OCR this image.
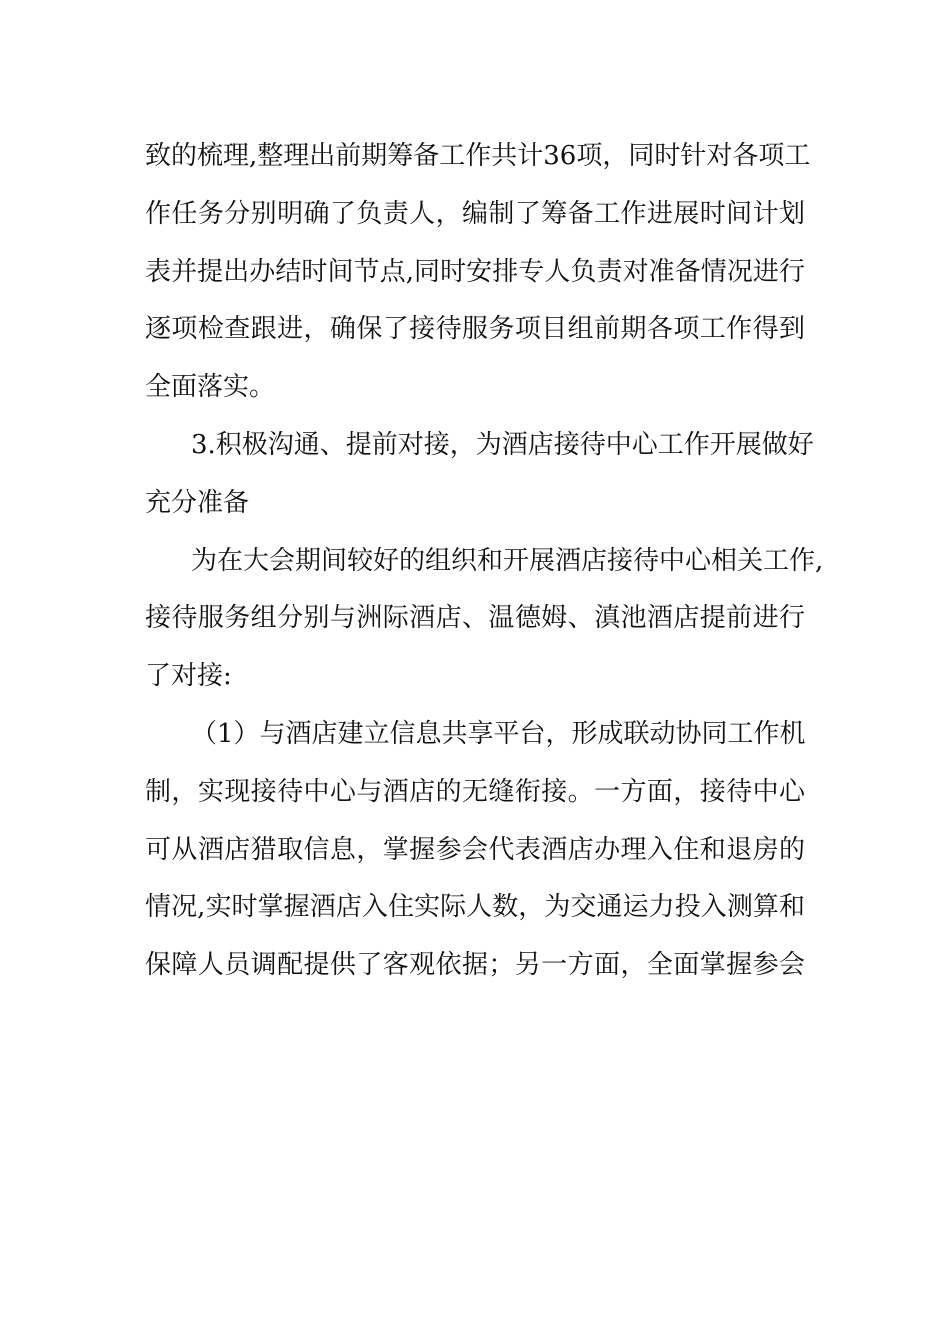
致的梳理,整理出前期筹备工作共计36项，同时针对各项工
作任务分别明确了负责人，编制了筹备工作进展时间计划
表并提出办结时间节点,同时安排专人负责对准备情况进行
逐项检查跟进，确保了接待服务项目组前期各项工作得到
全面落实。
3.积极沟通、提前对接，为酒店接待中心工作开展做好
充分准备
为在大会期间较好的组织和开展酒店接待中心相关工作,
接待服务组分别与洲际酒店、温德姆、滇池酒店提前进行
了对接:
（1）与酒店建立信息共享平台，形成联动协同工作机
制，实现接待中心与酒店的无缝衔接。一方面，接待中心
可从酒店猎取信息，掌握参会代表酒店办理入住和退房的
情况,实时掌握酒店入住实际人数，为交通运力投入测算和
保障人员调配提供了客观依据；另一方面，全面掌握参会
